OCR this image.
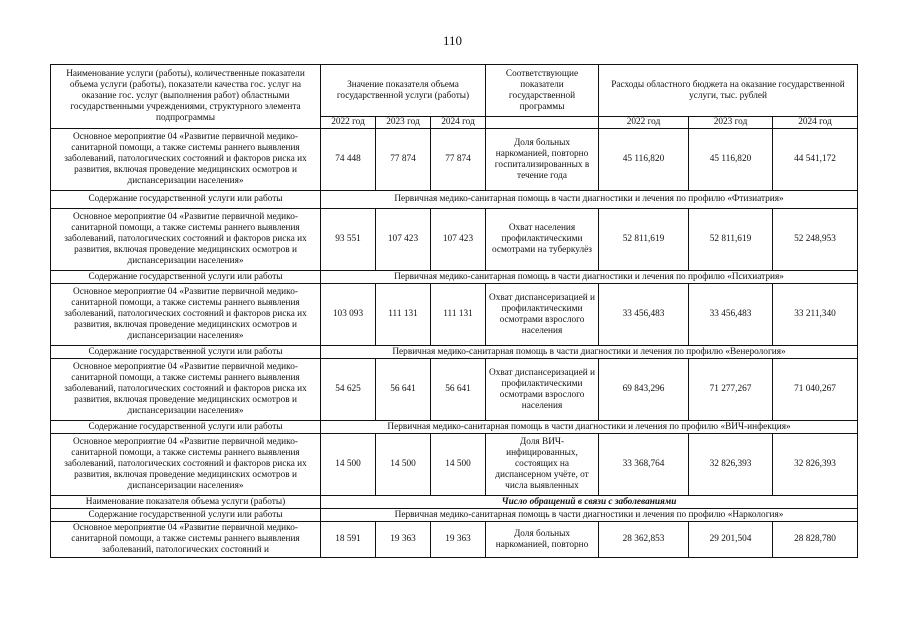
110
Наименование услуги (работы), количественные показатели объема услуги (работы), показатели качества гос. услуг на оказание гос. услуг (выполнения работ) областными государственными учреждениями, структурного элемента подпрограммы	Значение показателя объема государственной услуги (работы)			Соответствующие показатели государственной программы	Расходы областного бюджета на оказание государственной услуги, тыс. рублей		
	2022 год	2023 год	2024 год		2022 год	2023 год	2024 год
Основное мероприятие 04 «Развитие первичной медико-санитарной помощи, а также системы раннего выявления заболеваний, патологических состояний и факторов риска их развития, включая проведение медицинских осмотров и диспансеризации населения»	74 448	77 874	77 874	Доля больных наркоманией, повторно госпитализированных в течение года	45 116,820	45 116,820	44 541,172
Содержание государственной услуги или работы	Первичная медико-санитарная помощь в части диагностики и лечения по профилю «Фтизиатрия»						
Основное мероприятие 04 «Развитие первичной медико-санитарной помощи, а также системы раннего выявления заболеваний, патологических состояний и факторов риска их развития, включая проведение медицинских осмотров и диспансеризации населения»	93 551	107 423	107 423	Охват населения профилактическими осмотрами на туберкулёз	52 811,619	52 811,619	52 248,953
Содержание государственной услуги или работы	Первичная медико-санитарная помощь в части диагностики и лечения по профилю «Психиатрия»						
Основное мероприятие 04 «Развитие первичной медико-санитарной помощи, а также системы раннего выявления заболеваний, патологических состояний и факторов риска их развития, включая проведение медицинских осмотров и диспансеризации населения»	103 093	111 131	111 131	Охват диспансеризацией и профилактическими осмотрами взрослого населения	33 456,483	33 456,483	33 211,340
Содержание государственной услуги или работы	Первичная медико-санитарная помощь в части диагностики и лечения по профилю «Венерология»						
Основное мероприятие 04 «Развитие первичной медико-санитарной помощи, а также системы раннего выявления заболеваний, патологических состояний и факторов риска их развития, включая проведение медицинских осмотров и диспансеризации населения»	54 625	56 641	56 641	Охват диспансеризацией и профилактическими осмотрами взрослого населения	69 843,296	71 277,267	71 040,267
Содержание государственной услуги или работы	Первичная медико-санитарная помощь в части диагностики и лечения по профилю «ВИЧ-инфекция»						
Основное мероприятие 04 «Развитие первичной медико-санитарной помощи, а также системы раннего выявления заболеваний, патологических состояний и факторов риска их развития, включая проведение медицинских осмотров и диспансеризации населения»	14 500	14 500	14 500	Доля ВИЧ-инфицированных, состоящих на диспансерном учёте, от числа выявленных	33 368,764	32 826,393	32 826,393
Наименование показателя объема услуги (работы)	Число обращений в связи с заболеваниями						
Содержание государственной услуги или работы	Первичная медико-санитарная помощь в части диагностики и лечения по профилю «Наркология»						
Основное мероприятие 04 «Развитие первичной медико-санитарной помощи, а также системы раннего выявления заболеваний, патологических состояний и	18 591	19 363	19 363	Доля больных наркоманией, повторно	28 362,853	29 201,504	28 828,780
